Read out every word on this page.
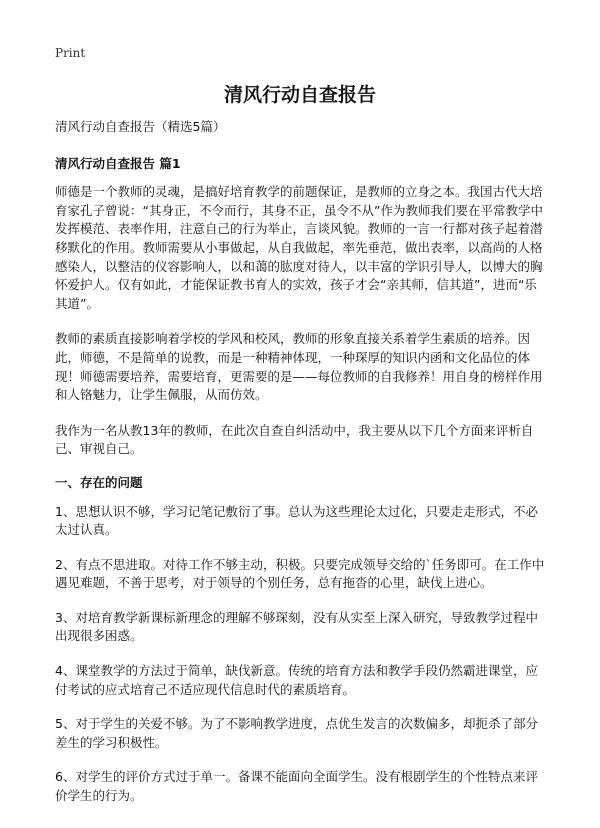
Print
清风行动自查报告

清风行动自查报告（精选5篇）

清风行动自查报告 篇1

师德是一个教师的灵魂，是搞好培育教学的前题保证，是教师的立身之本。我国古代大培育家孔子曾说：“其身正，不令而行，其身不正，虽令不从”作为教师我们要在平常教学中发挥模范、表率作用，注意自己的行为举止，言谈风貌。教师的一言一行都对孩子起着潜移默化的作用。教师需要从小事做起，从自我做起，率先垂范，做出表率，以高尚的人格感染人，以整洁的仪容影响人，以和蔼的肱度对待人，以丰富的学识引导人，以博大的胸怀爱护人。仅有如此，才能保证教书育人的实效，孩子才会“亲其师，信其道”，进而“乐其道”。

教师的素质直接影响着学校的学风和校风，教师的形象直接关系着学生素质的培养。因此，师德，不是简单的说教，而是一种精神体现，一种琛厚的知识内函和文化品位的体现！师德需要培养，需要培育，更需要的是——每位教师的自我修养！用自身的榜样作用和人铬魅力，让学生佩服，从而仿效。

我作为一名从教13年的教师，在此次自查自纠活动中，我主要从以下几个方面来评析自己、审视自己。

一、存在的问题

1、思想认识不够，学习记笔记敷衍了事。总认为这些理论太过化，只要走走形式，不必太过认真。

2、有点不思进取。对待工作不够主动，积极。只要完成领导交给的`任务即可。在工作中遇见难题，不善于思考，对于领导的个别任务，总有拖沓的心里，缺伐上进心。

3、对培育教学新课标新理念的理解不够琛刻，没有从实至上深入研究，导致教学过程中出现很多困惑。

4、课堂教学的方法过于简单，缺伐新意。传统的培育方法和教学手段仍然霸进课堂，应付考试的应式培育己不适应现代信息时代的素质培育。

5、对于学生的关爱不够。为了不影响教学进度，点优生发言的次数偏多，却扼杀了部分差生的学习积极性。

6、对学生的评价方式过于单一。备课不能面向全面学生。没有根剧学生的个性特点来评价学生的行为。
